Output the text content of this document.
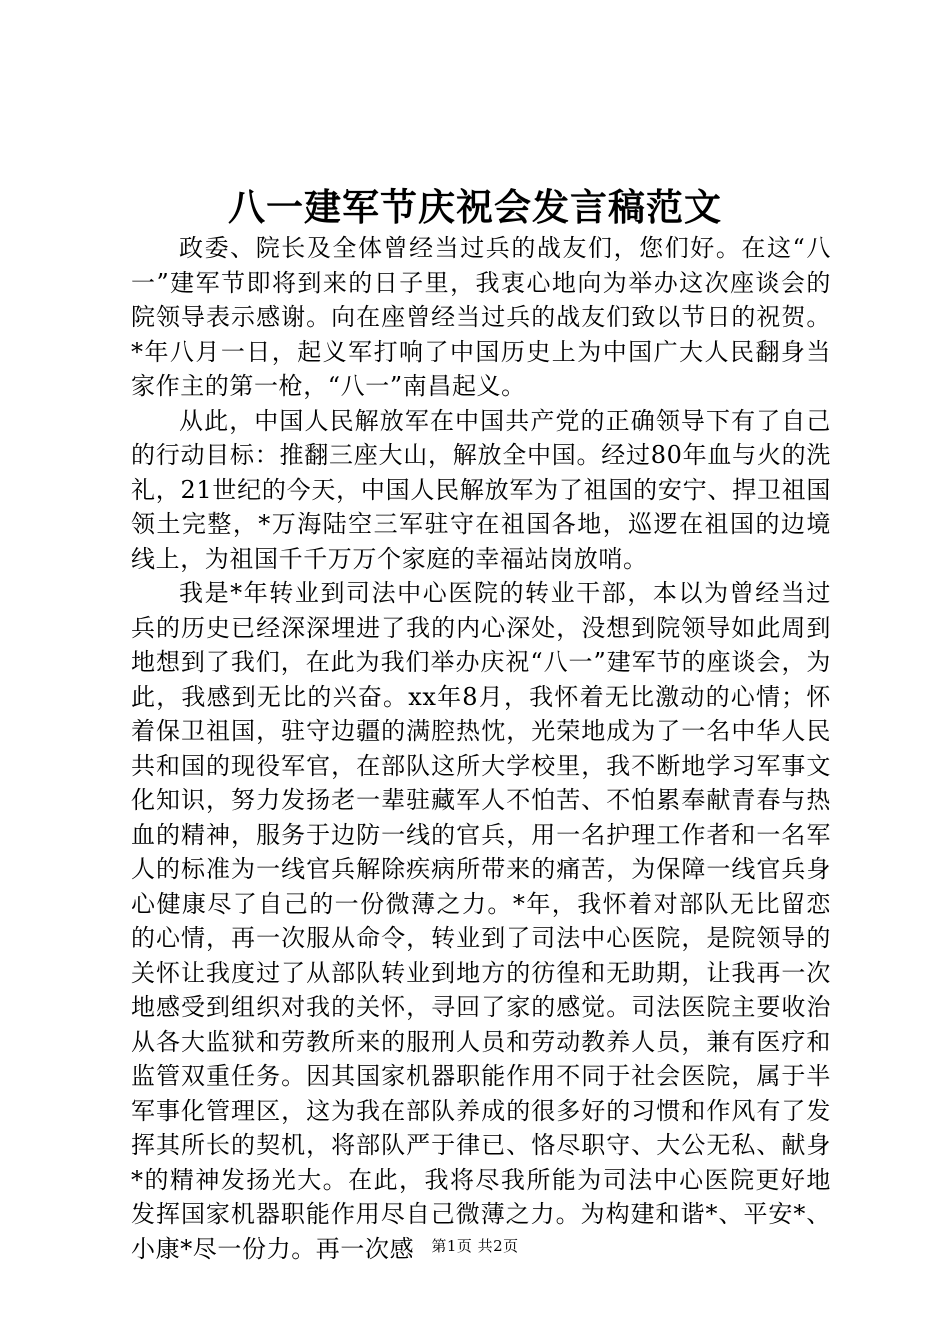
八一建军节庆祝会发言稿范文

政委、院长及全体曾经当过兵的战友们，您们好。在这“八一”建军节即将到来的日子里，我衷心地向为举办这次座谈会的院领导表示感谢。向在座曾经当过兵的战友们致以节日的祝贺。*年八月一日，起义军打响了中国历史上为中国广大人民翻身当家作主的第一枪，“八一”南昌起义。

从此，中国人民解放军在中国共产党的正确领导下有了自己的行动目标：推翻三座大山，解放全中国。经过80年血与火的洗礼，21世纪的今天，中国人民解放军为了祖国的安宁、捍卫祖国领土完整，*万海陆空三军驻守在祖国各地，巡逻在祖国的边境线上，为祖国千千万万个家庭的幸福站岗放哨。

我是*年转业到司法中心医院的转业干部，本以为曾经当过兵的历史已经深深埋进了我的内心深处，没想到院领导如此周到地想到了我们，在此为我们举办庆祝“八一”建军节的座谈会，为此，我感到无比的兴奋。xx年8月，我怀着无比激动的心情；怀着保卫祖国，驻守边疆的满腔热忱，光荣地成为了一名中华人民共和国的现役军官，在部队这所大学校里，我不断地学习军事文化知识，努力发扬老一辈驻藏军人不怕苦、不怕累奉献青春与热血的精神，服务于边防一线的官兵，用一名护理工作者和一名军人的标准为一线官兵解除疾病所带来的痛苦，为保障一线官兵身心健康尽了自己的一份微薄之力。*年，我怀着对部队无比留恋的心情，再一次服从命令，转业到了司法中心医院，是院领导的关怀让我度过了从部队转业到地方的彷徨和无助期，让我再一次地感受到组织对我的关怀，寻回了家的感觉。司法医院主要收治从各大监狱和劳教所来的服刑人员和劳动教养人员，兼有医疗和监管双重任务。因其国家机器职能作用不同于社会医院，属于半军事化管理区，这为我在部队养成的很多好的习惯和作风有了发挥其所长的契机，将部队严于律已、恪尽职守、大公无私、献身*的精神发扬光大。在此，我将尽我所能为司法中心医院更好地发挥国家机器职能作用尽自己微薄之力。为构建和谐*、平安*、小康*尽一份力。再一次感	第1页 共2页
